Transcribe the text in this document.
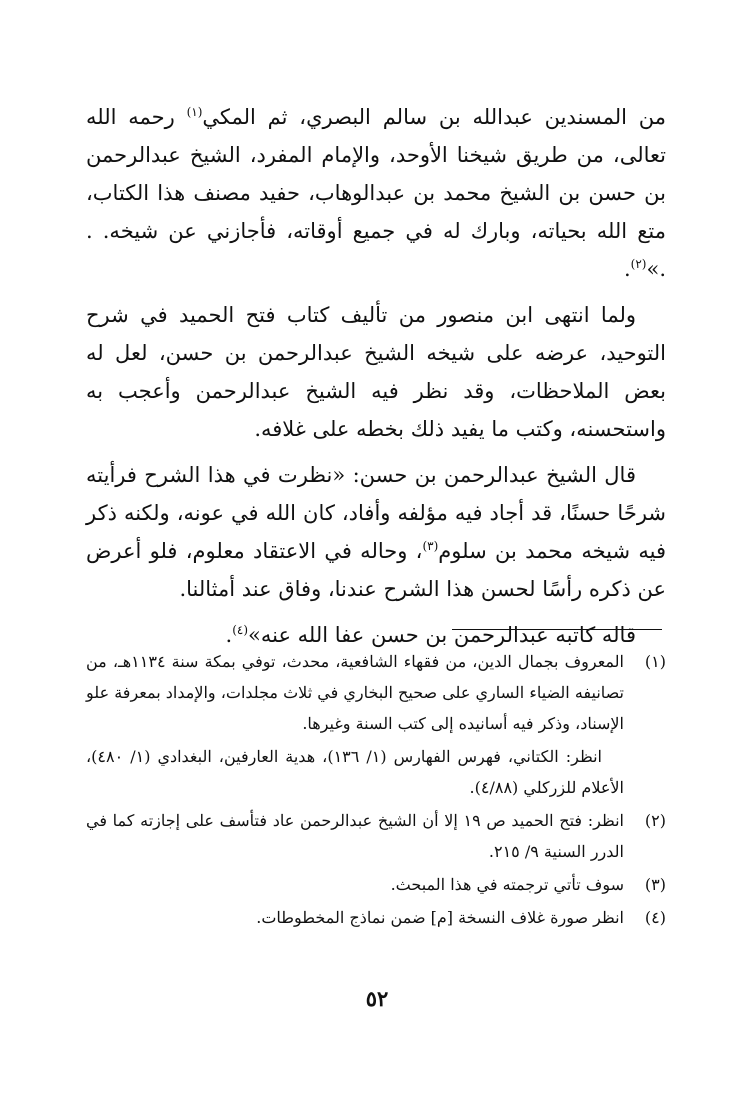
من المسندين عبدالله بن سالم البصري، ثم المكي$^{(١)}$ رحمه الله تعالى، من طريق شيخنا الأوحد، والإمام المفرد، الشيخ عبدالرحمن بن حسن بن الشيخ محمد بن عبدالوهاب، حفيد مصنف هذا الكتاب، متع الله بحياته، وبارك له في جميع أوقاته، فأجازني عن شيخه. . .»$^{(٢)}$.

ولما انتهى ابن منصور من تأليف كتاب فتح الحميد في شرح التوحيد، عرضه على شيخه الشيخ عبدالرحمن بن حسن، لعل له بعض الملاحظات، وقد نظر فيه الشيخ عبدالرحمن وأعجب به واستحسنه، وكتب ما يفيد ذلك بخطه على غلافه.

قال الشيخ عبدالرحمن بن حسن: «نظرت في هذا الشرح فرأيته شرحًا حسنًا، قد أجاد فيه مؤلفه وأفاد، كان الله في عونه، ولكنه ذكر فيه شيخه محمد بن سلوم$^{(٣)}$، وحاله في الاعتقاد معلوم، فلو أعرض عن ذكره رأسًا لحسن هذا الشرح عندنا، وفاق عند أمثالنا.

قاله كاتبه عبدالرحمن بن حسن عفا الله عنه»$^{(٤)}$.

(١)
المعروف بجمال الدين، من فقهاء الشافعية، محدث، توفي بمكة سنة ١١٣٤هـ، من تصانيفه الضياء الساري على صحيح البخاري في ثلاث مجلدات، والإمداد بمعرفة علو الإسناد، وذكر فيه أسانيده إلى كتب السنة وغيرها.
انظر: الكتاني، فهرس الفهارس (١/ ١٣٦)، هدية العارفين، البغدادي (١/ ٤٨٠)، الأعلام للزركلي (٤/٨٨).
(٢)
انظر: فتح الحميد ص ١٩ إلا أن الشيخ عبدالرحمن عاد فتأسف على إجازته كما في الدرر السنية ٩/ ٢١٥.
(٣)
سوف تأتي ترجمته في هذا المبحث.
(٤)
انظر صورة غلاف النسخة [م] ضمن نماذج المخطوطات.
٥٢
